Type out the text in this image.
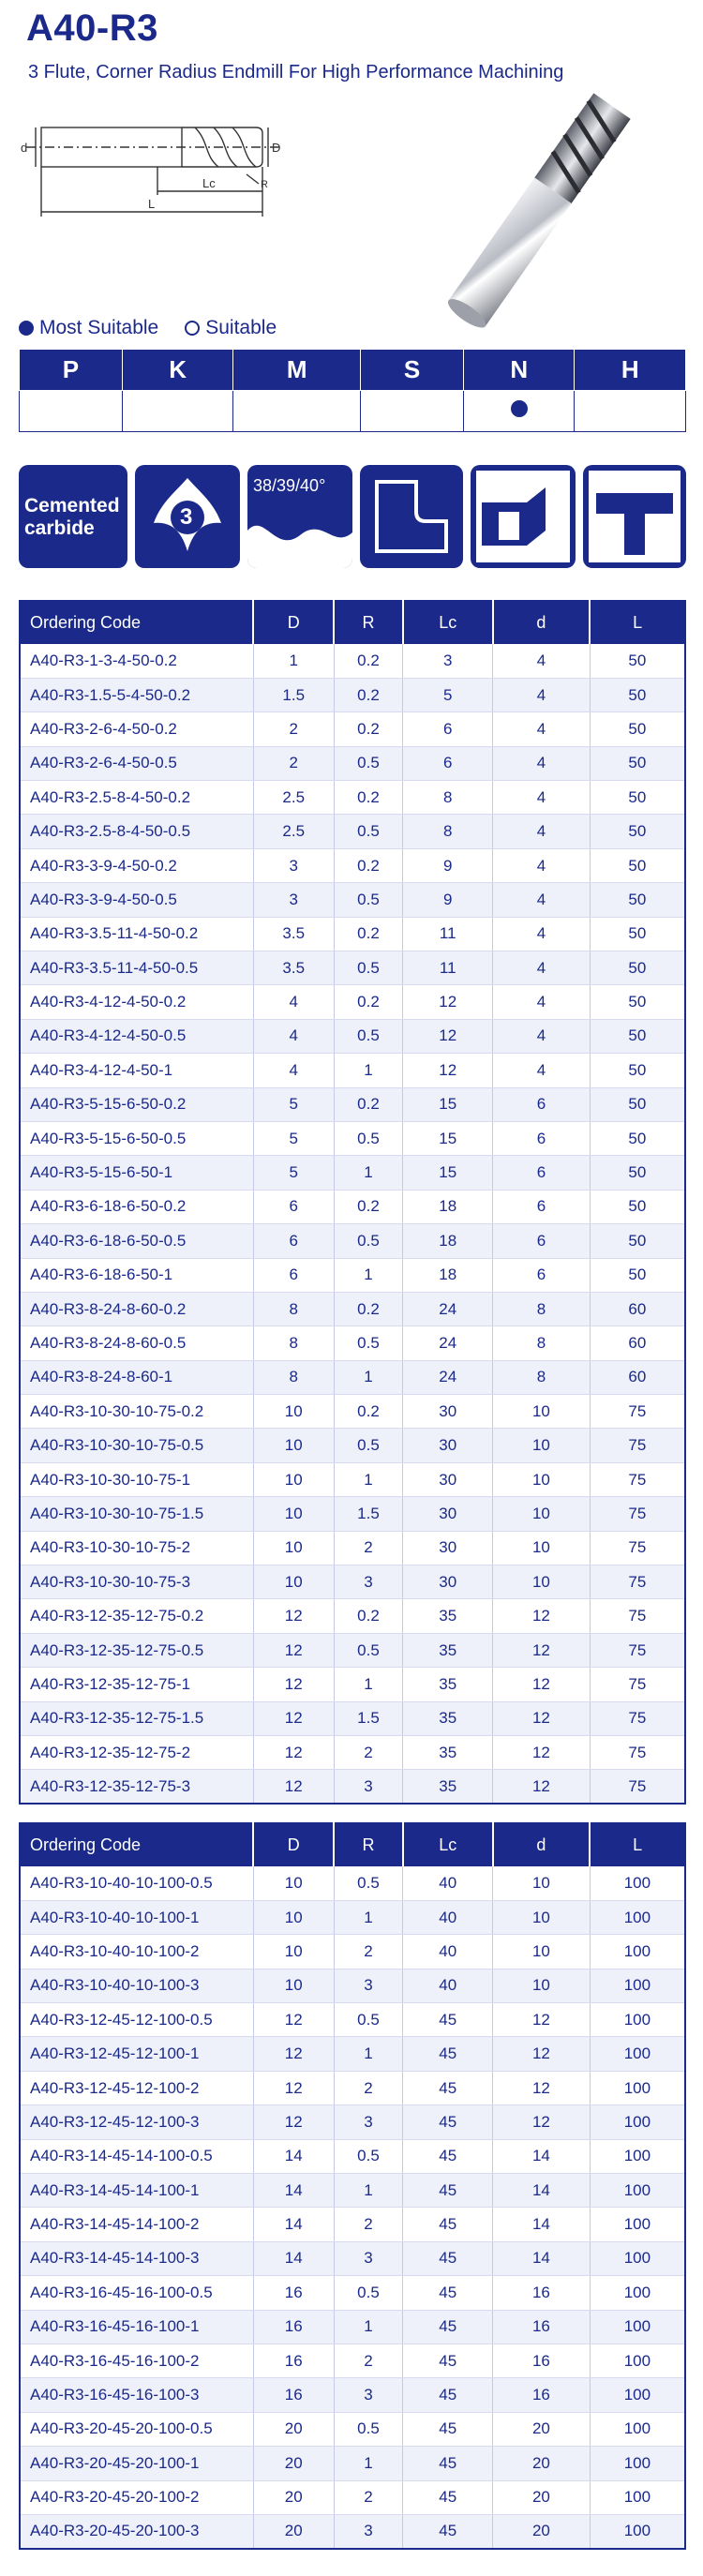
A40-R3
3 Flute, Corner Radius Endmill For High Performance Machining
d	D
Lc
L
R
Most Suitable Suitable
P	K	M	S	N	H

Cemented
carbide	3
38/39/40°
Ordering Code	D	R	Lc	d	L
A40-R3-1-3-4-50-0.2	1	0.2	3	4	50
A40-R3-1.5-5-4-50-0.2	1.5	0.2	5	4	50
A40-R3-2-6-4-50-0.2	2	0.2	6	4	50
A40-R3-2-6-4-50-0.5	2	0.5	6	4	50
A40-R3-2.5-8-4-50-0.2	2.5	0.2	8	4	50
A40-R3-2.5-8-4-50-0.5	2.5	0.5	8	4	50
A40-R3-3-9-4-50-0.2	3	0.2	9	4	50
A40-R3-3-9-4-50-0.5	3	0.5	9	4	50
A40-R3-3.5-11-4-50-0.2	3.5	0.2	11	4	50
A40-R3-3.5-11-4-50-0.5	3.5	0.5	11	4	50
A40-R3-4-12-4-50-0.2	4	0.2	12	4	50
A40-R3-4-12-4-50-0.5	4	0.5	12	4	50
A40-R3-4-12-4-50-1	4	1	12	4	50
A40-R3-5-15-6-50-0.2	5	0.2	15	6	50
A40-R3-5-15-6-50-0.5	5	0.5	15	6	50
A40-R3-5-15-6-50-1	5	1	15	6	50
A40-R3-6-18-6-50-0.2	6	0.2	18	6	50
A40-R3-6-18-6-50-0.5	6	0.5	18	6	50
A40-R3-6-18-6-50-1	6	1	18	6	50
A40-R3-8-24-8-60-0.2	8	0.2	24	8	60
A40-R3-8-24-8-60-0.5	8	0.5	24	8	60
A40-R3-8-24-8-60-1	8	1	24	8	60
A40-R3-10-30-10-75-0.2	10	0.2	30	10	75
A40-R3-10-30-10-75-0.5	10	0.5	30	10	75
A40-R3-10-30-10-75-1	10	1	30	10	75
A40-R3-10-30-10-75-1.5	10	1.5	30	10	75
A40-R3-10-30-10-75-2	10	2	30	10	75
A40-R3-10-30-10-75-3	10	3	30	10	75
A40-R3-12-35-12-75-0.2	12	0.2	35	12	75
A40-R3-12-35-12-75-0.5	12	0.5	35	12	75
A40-R3-12-35-12-75-1	12	1	35	12	75
A40-R3-12-35-12-75-1.5	12	1.5	35	12	75
A40-R3-12-35-12-75-2	12	2	35	12	75
A40-R3-12-35-12-75-3	12	3	35	12	75
Ordering Code	D	R	Lc	d	L
A40-R3-10-40-10-100-0.5	10	0.5	40	10	100
A40-R3-10-40-10-100-1	10	1	40	10	100
A40-R3-10-40-10-100-2	10	2	40	10	100
A40-R3-10-40-10-100-3	10	3	40	10	100
A40-R3-12-45-12-100-0.5	12	0.5	45	12	100
A40-R3-12-45-12-100-1	12	1	45	12	100
A40-R3-12-45-12-100-2	12	2	45	12	100
A40-R3-12-45-12-100-3	12	3	45	12	100
A40-R3-14-45-14-100-0.5	14	0.5	45	14	100
A40-R3-14-45-14-100-1	14	1	45	14	100
A40-R3-14-45-14-100-2	14	2	45	14	100
A40-R3-14-45-14-100-3	14	3	45	14	100
A40-R3-16-45-16-100-0.5	16	0.5	45	16	100
A40-R3-16-45-16-100-1	16	1	45	16	100
A40-R3-16-45-16-100-2	16	2	45	16	100
A40-R3-16-45-16-100-3	16	3	45	16	100
A40-R3-20-45-20-100-0.5	20	0.5	45	20	100
A40-R3-20-45-20-100-1	20	1	45	20	100
A40-R3-20-45-20-100-2	20	2	45	20	100
A40-R3-20-45-20-100-3	20	3	45	20	100
